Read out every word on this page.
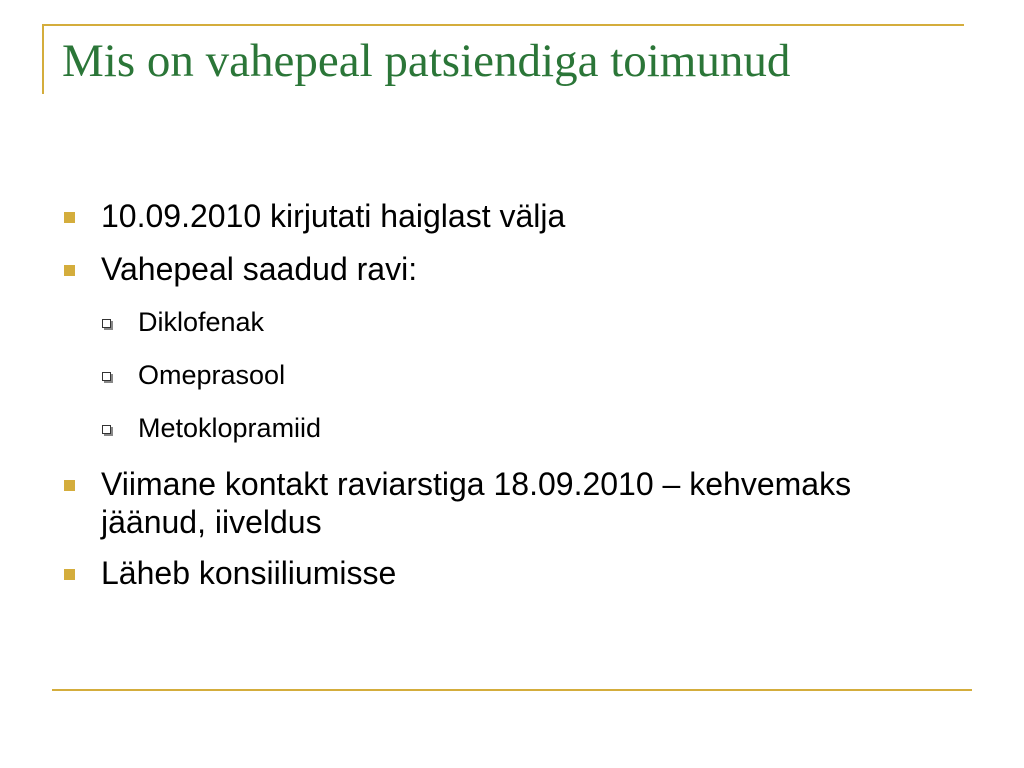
Mis on vahepeal patsiendiga toimunud
10.09.2010 kirjutati haiglast välja
Vahepeal saadud ravi:
Diklofenak
Omeprasool
Metoklopramiid
Viimane kontakt raviarstiga 18.09.2010 – kehvemaks jäänud, iiveldus
Läheb konsiiliumisse
